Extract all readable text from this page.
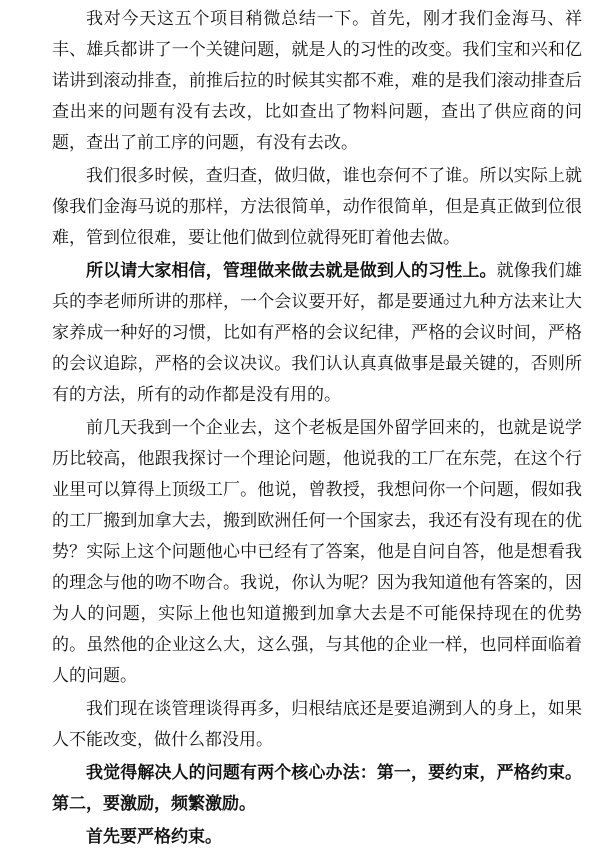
我对今天这五个项目稍微总结一下。首先，刚才我们金海马、祥丰、雄兵都讲了一个关键问题，就是人的习性的改变。我们宝和兴和亿诺讲到滚动排查，前推后拉的时候其实都不难，难的是我们滚动排查后查出来的问题有没有去改，比如查出了物料问题，查出了供应商的问题，查出了前工序的问题，有没有去改。

我们很多时候，查归查，做归做，谁也奈何不了谁。所以实际上就像我们金海马说的那样，方法很简单，动作很简单，但是真正做到位很难，管到位很难，要让他们做到位就得死盯着他去做。

所以请大家相信，管理做来做去就是做到人的习性上。就像我们雄兵的李老师所讲的那样，一个会议要开好，都是要通过九种方法来让大家养成一种好的习惯，比如有严格的会议纪律，严格的会议时间，严格的会议追踪，严格的会议决议。我们认认真真做事是最关键的，否则所有的方法，所有的动作都是没有用的。

前几天我到一个企业去，这个老板是国外留学回来的，也就是说学历比较高，他跟我探讨一个理论问题，他说我的工厂在东莞，在这个行业里可以算得上顶级工厂。他说，曾教授，我想问你一个问题，假如我的工厂搬到加拿大去，搬到欧洲任何一个国家去，我还有没有现在的优势？实际上这个问题他心中已经有了答案，他是自问自答，他是想看我的理念与他的吻不吻合。我说，你认为呢？因为我知道他有答案的，因为人的问题，实际上他也知道搬到加拿大去是不可能保持现在的优势的。虽然他的企业这么大，这么强，与其他的企业一样，也同样面临着人的问题。

我们现在谈管理谈得再多，归根结底还是要追溯到人的身上，如果人不能改变，做什么都没用。

我觉得解决人的问题有两个核心办法：第一，要约束，严格约束。第二，要激励，频繁激励。

首先要严格约束。
